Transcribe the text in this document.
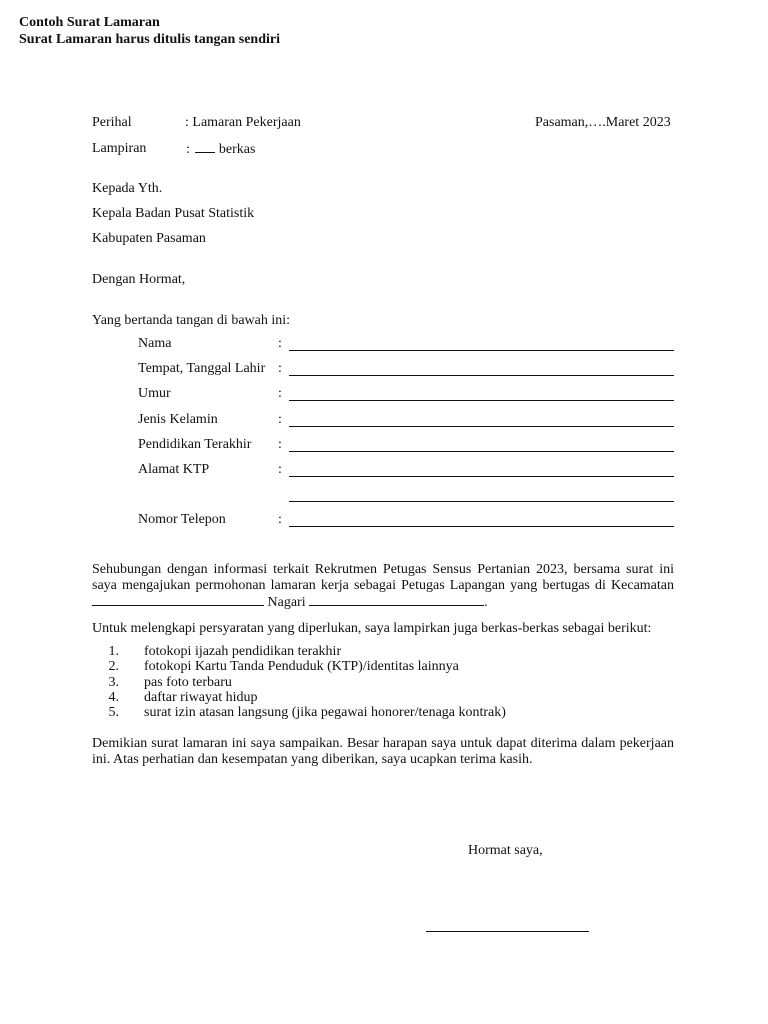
Contoh Surat Lamaran
Surat Lamaran harus ditulis tangan sendiri
Perihal	: Lamaran Pekerjaan	Pasaman,….Maret 2023
Lampiran	: berkas
Kepada Yth.
Kepala Badan Pusat Statistik
Kabupaten Pasaman
Dengan Hormat,
Yang bertanda tangan di bawah ini:
Nama	:
Tempat, Tanggal Lahir :
Umur	:
Jenis Kelamin	:
Pendidikan Terakhir :
Alamat KTP	:
Nomor Telepon	:
Sehubungan dengan informasi terkait Rekrutmen Petugas Sensus Pertanian 2023, bersama surat ini saya mengajukan permohonan lamaran kerja sebagai Petugas Lapangan yang bertugas di Kecamatan Nagari	.
Untuk melengkapi persyaratan yang diperlukan, saya lampirkan juga berkas-berkas sebagai berikut:
1. fotokopi ijazah pendidikan terakhir
2. fotokopi Kartu Tanda Penduduk (KTP)/identitas lainnya
3. pas foto terbaru
4. daftar riwayat hidup
5. surat izin atasan langsung (jika pegawai honorer/tenaga kontrak)
Demikian surat lamaran ini saya sampaikan. Besar harapan saya untuk dapat diterima dalam pekerjaan ini. Atas perhatian dan kesempatan yang diberikan, saya ucapkan terima kasih.
Hormat saya,
